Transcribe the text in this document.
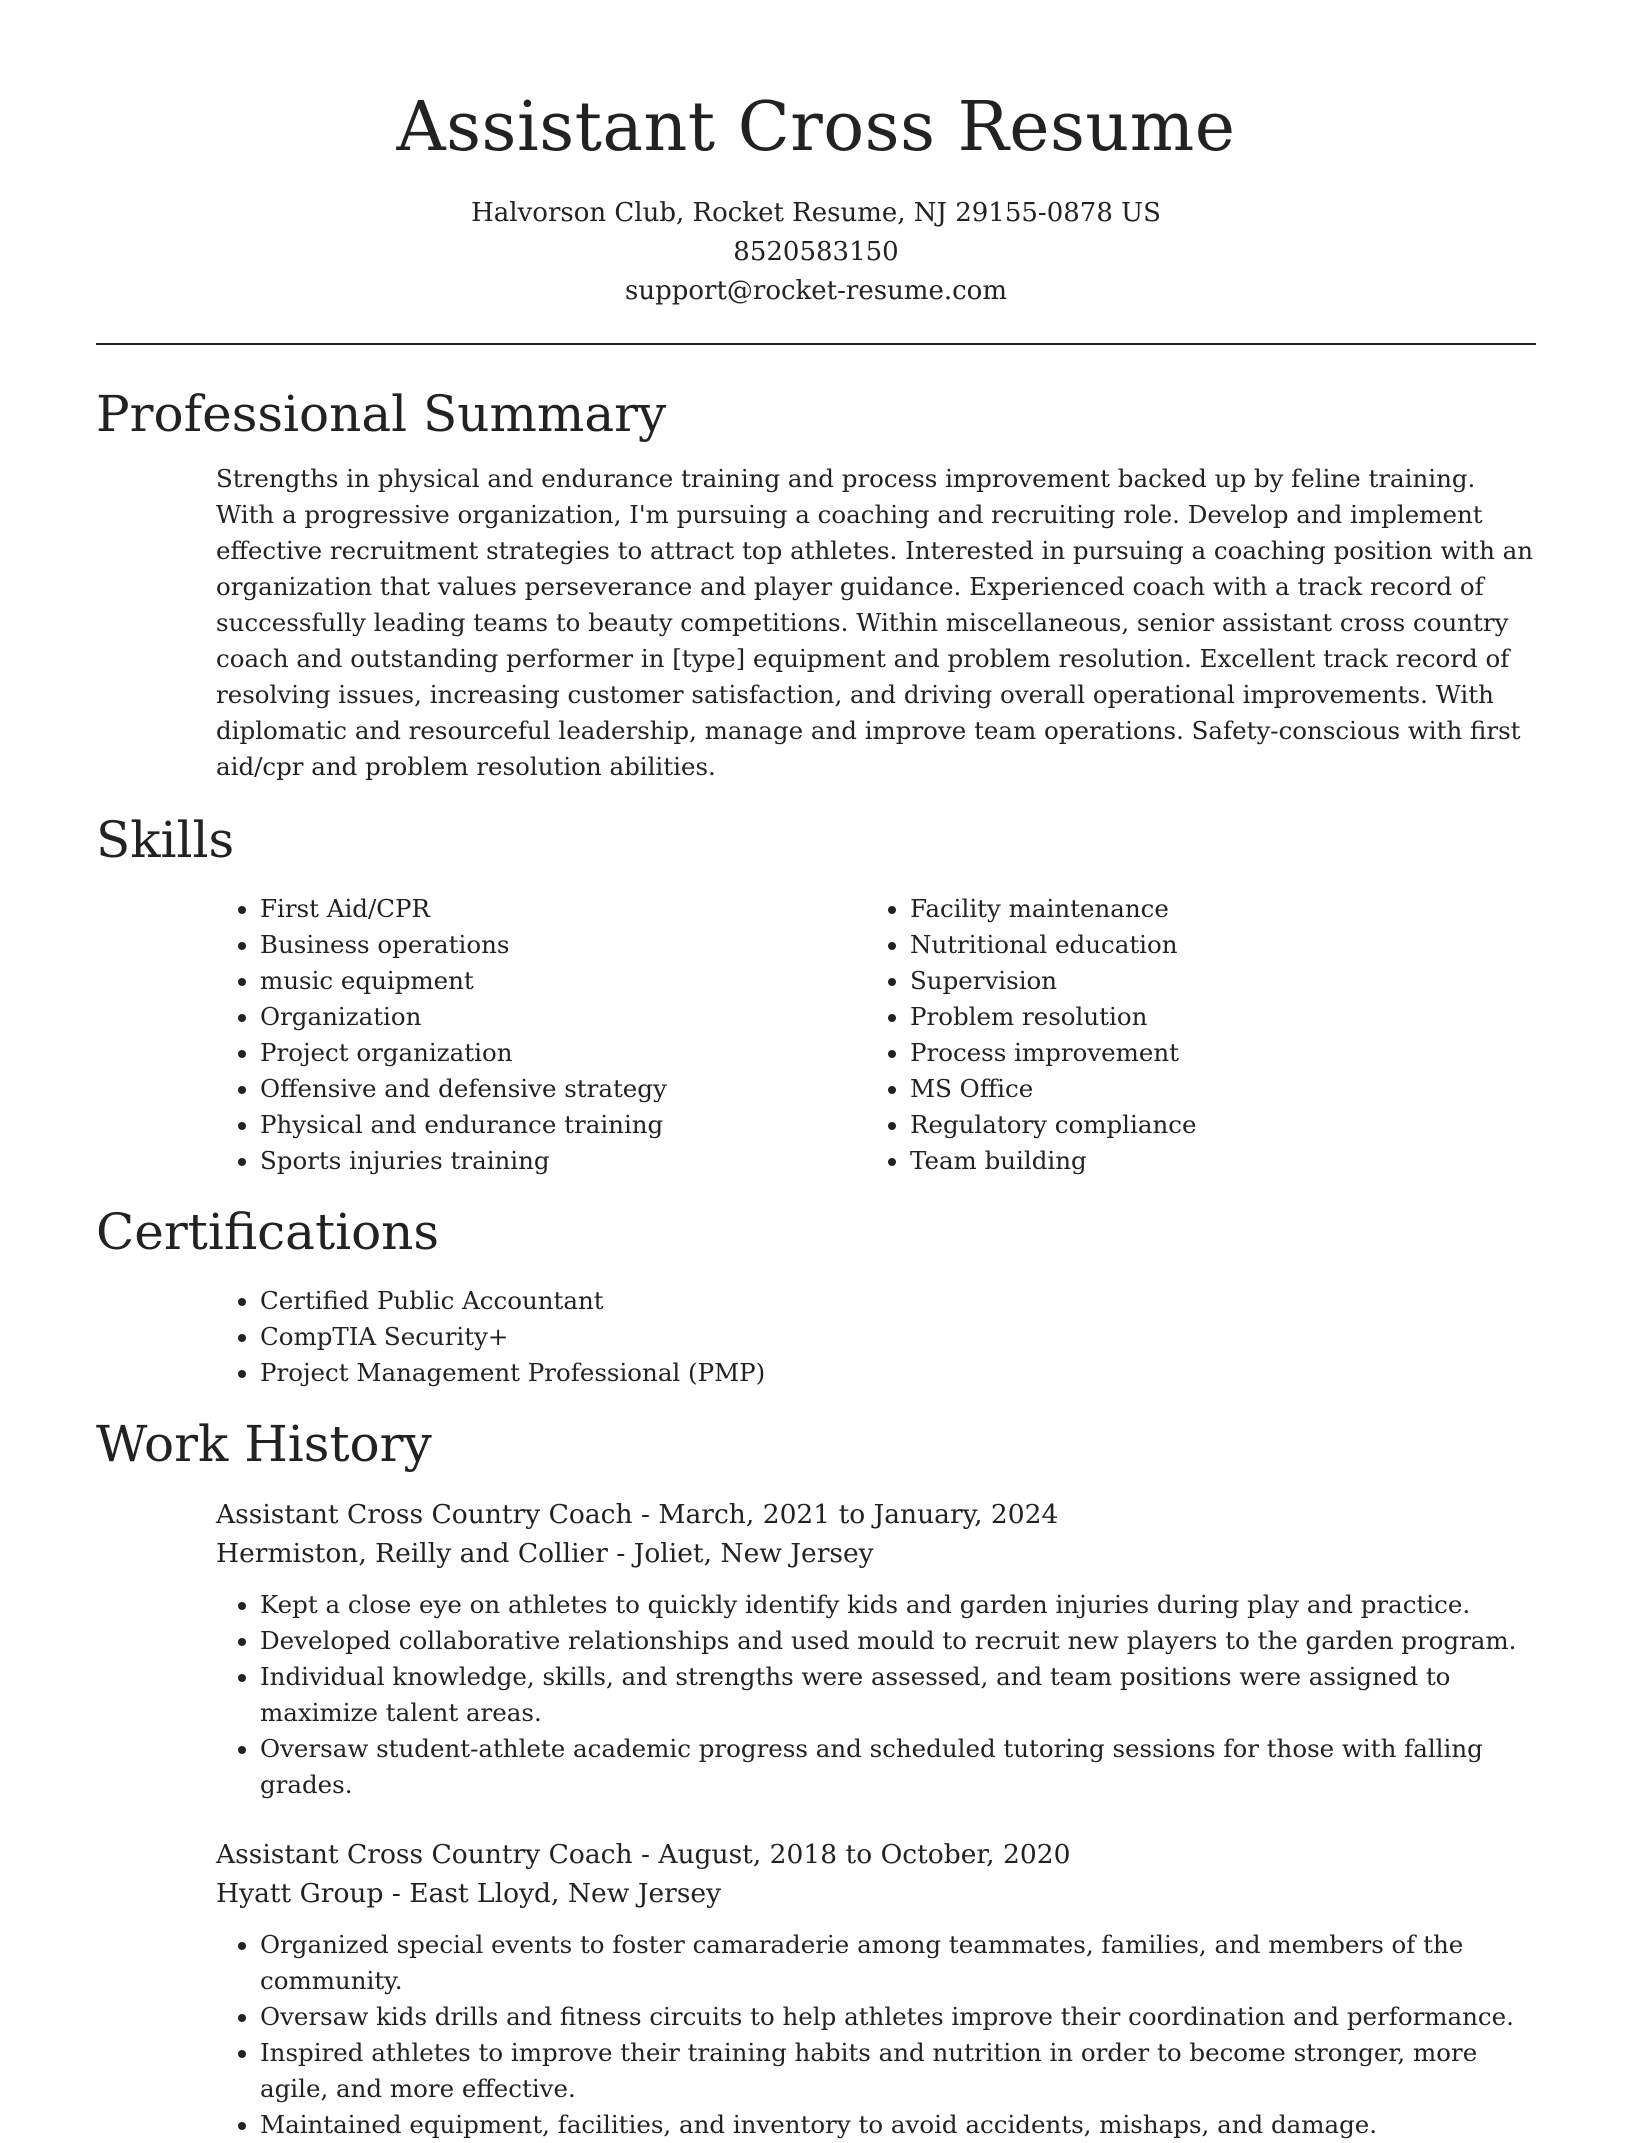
Assistant Cross Resume

Halvorson Club, Rocket Resume, NJ 29155-0878 US

8520583150

support@rocket-resume.com

Professional Summary

Strengths in physical and endurance training and process improvement backed up by feline training. With a progressive organization, I'm pursuing a coaching and recruiting role. Develop and implement effective recruitment strategies to attract top athletes. Interested in pursuing a coaching position with an organization that values perseverance and player guidance. Experienced coach with a track record of successfully leading teams to beauty competitions. Within miscellaneous, senior assistant cross country coach and outstanding performer in [type] equipment and problem resolution. Excellent track record of resolving issues, increasing customer satisfaction, and driving overall operational improvements. With diplomatic and resourceful leadership, manage and improve team operations. Safety-conscious with first aid/cpr and problem resolution abilities.

Skills
• First Aid/CPR
• Business operations
• music equipment
• Organization
• Project organization
• Offensive and defensive strategy
• Physical and endurance training
• Sports injuries training
• Facility maintenance
• Nutritional education
• Supervision
• Problem resolution
• Process improvement
• MS Office
• Regulatory compliance
• Team building
Certifications
• Certified Public Accountant
• CompTIA Security+
• Project Management Professional (PMP)
Work History

Assistant Cross Country Coach - March, 2021 to January, 2024

Hermiston, Reilly and Collier - Joliet, New Jersey

• Kept a close eye on athletes to quickly identify kids and garden injuries during play and practice.
• Developed collaborative relationships and used mould to recruit new players to the garden program.
• Individual knowledge, skills, and strengths were assessed, and team positions were assigned to maximize talent areas.
• Oversaw student-athlete academic progress and scheduled tutoring sessions for those with falling grades.

Assistant Cross Country Coach - August, 2018 to October, 2020

Hyatt Group - East Lloyd, New Jersey

• Organized special events to foster camaraderie among teammates, families, and members of the community.
• Oversaw kids drills and fitness circuits to help athletes improve their coordination and performance.
• Inspired athletes to improve their training habits and nutrition in order to become stronger, more agile, and more effective.
• Maintained equipment, facilities, and inventory to avoid accidents, mishaps, and damage.
